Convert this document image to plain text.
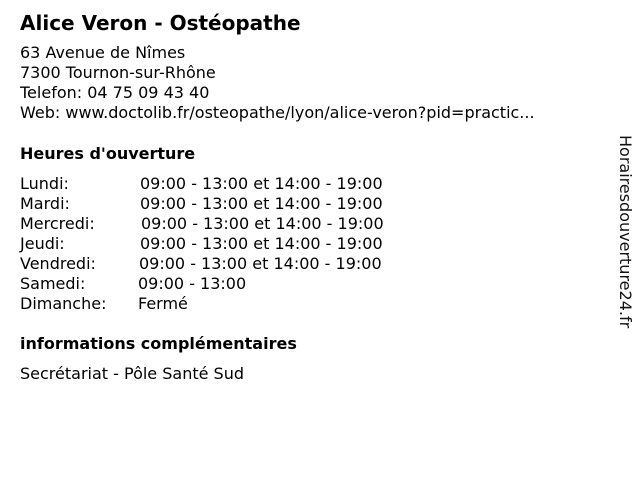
Alice Veron - Ostéopathe
63 Avenue de Nîmes
7300 Tournon-sur-Rhône
Telefon: 04 75 09 43 40
Web: www.doctolib.fr/osteopathe/lyon/alice-veron?pid=practic...
Heures d'ouverture
Lundi:	09:00 - 13:00 et 14:00 - 19:00
Mardi:	09:00 - 13:00 et 14:00 - 19:00
Mercredi:	09:00 - 13:00 et 14:00 - 19:00
Jeudi:	09:00 - 13:00 et 14:00 - 19:00
Vendredi:	09:00 - 13:00 et 14:00 - 19:00
Samedi:	09:00 - 13:00
Dimanche: Fermé
informations complémentaires
Secrétariat - Pôle Santé Sud
Horairesdouverture24.fr
